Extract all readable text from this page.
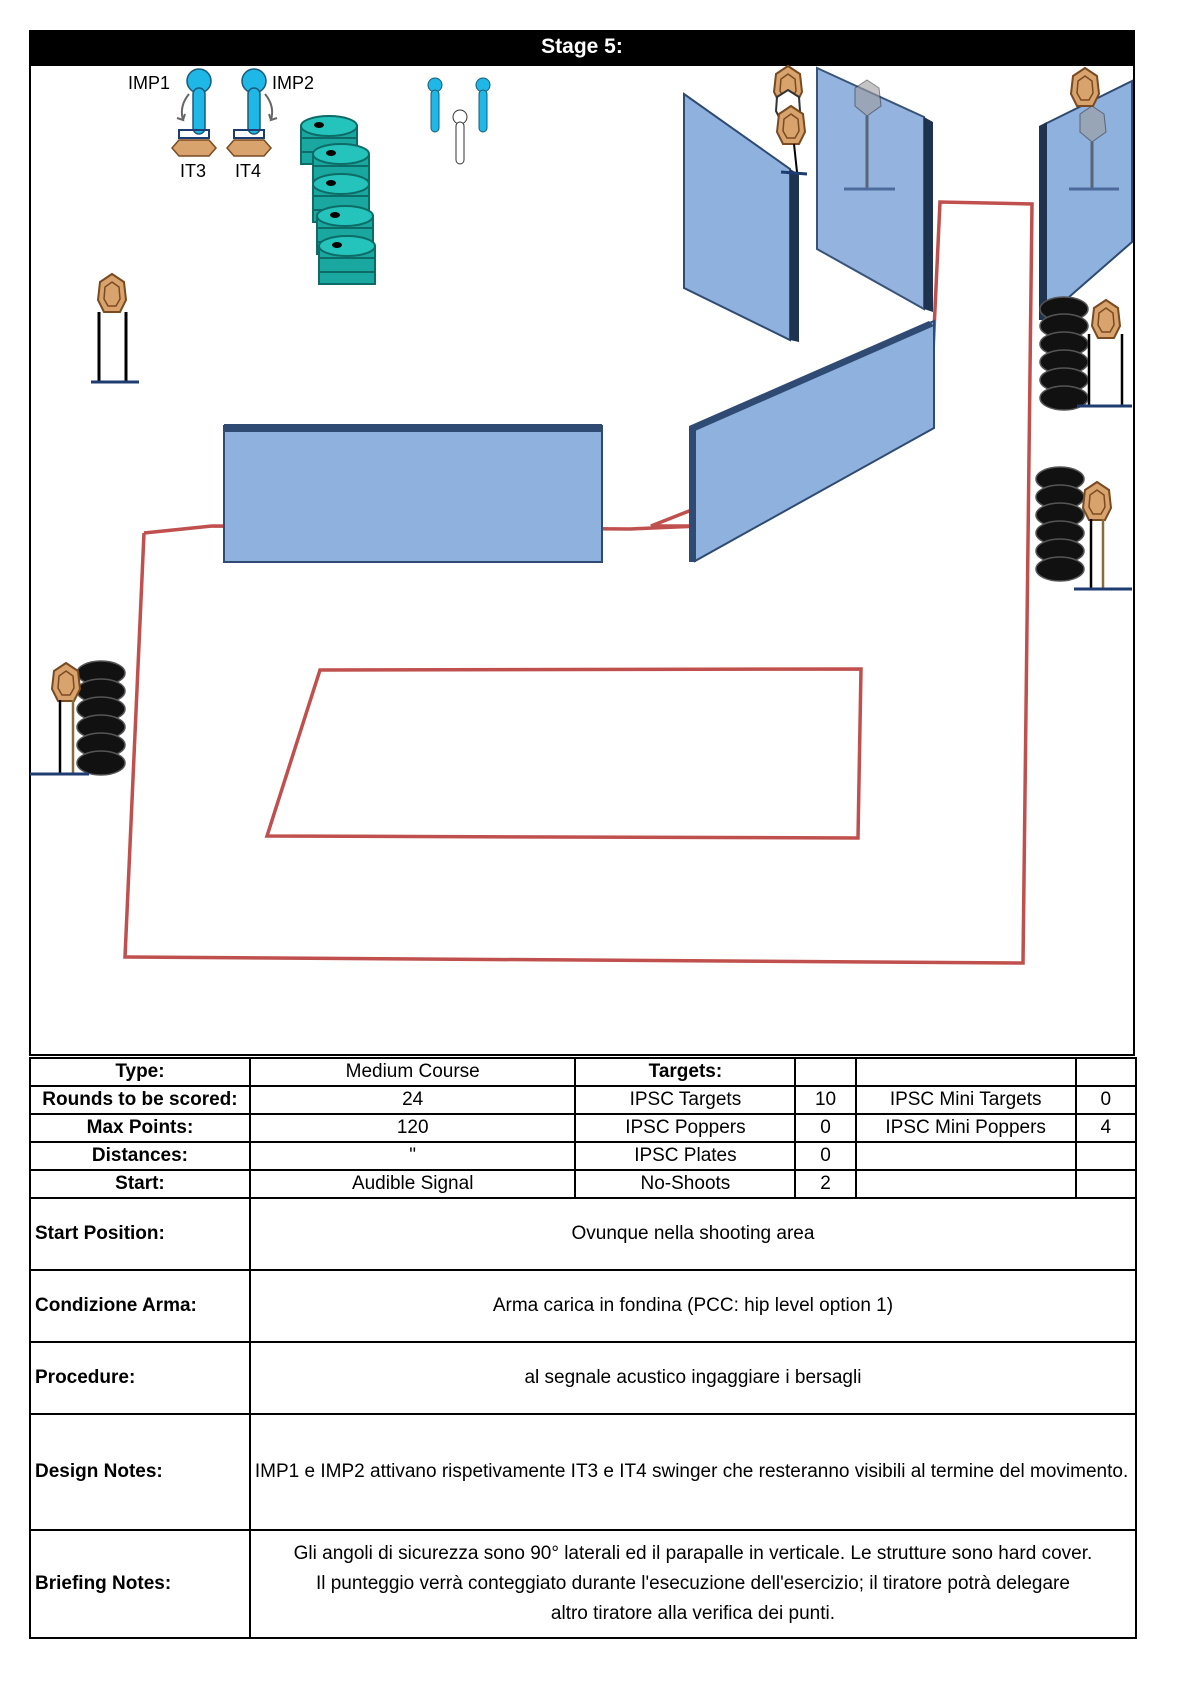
Stage 5:
IMP1
IT3
IMP2
IT4
Type:	Medium Course	Targets:			
Rounds to be scored:	24	IPSC Targets	10	IPSC Mini Targets	0
Max Points:	120	IPSC Poppers	0	IPSC Mini Poppers	4
Distances:	"	IPSC Plates	0		
Start:	Audible Signal	No-Shoots	2		
Start Position:	Ovunque nella shooting area				
Condizione Arma:	Arma carica in fondina (PCC: hip level option 1)				
Procedure:	al segnale acustico ingaggiare i bersagli				
Design Notes:	IMP1 e IMP2 attivano rispetivamente IT3 e IT4 swinger che resteranno visibili al termine del movimento.				
Briefing Notes:	Gli angoli di sicurezza sono 90° laterali ed il parapalle in verticale. Le strutture sono hard cover.
Il punteggio verrà conteggiato durante l'esecuzione dell'esercizio; il tiratore potrà delegare
altro tiratore alla verifica dei punti.				
